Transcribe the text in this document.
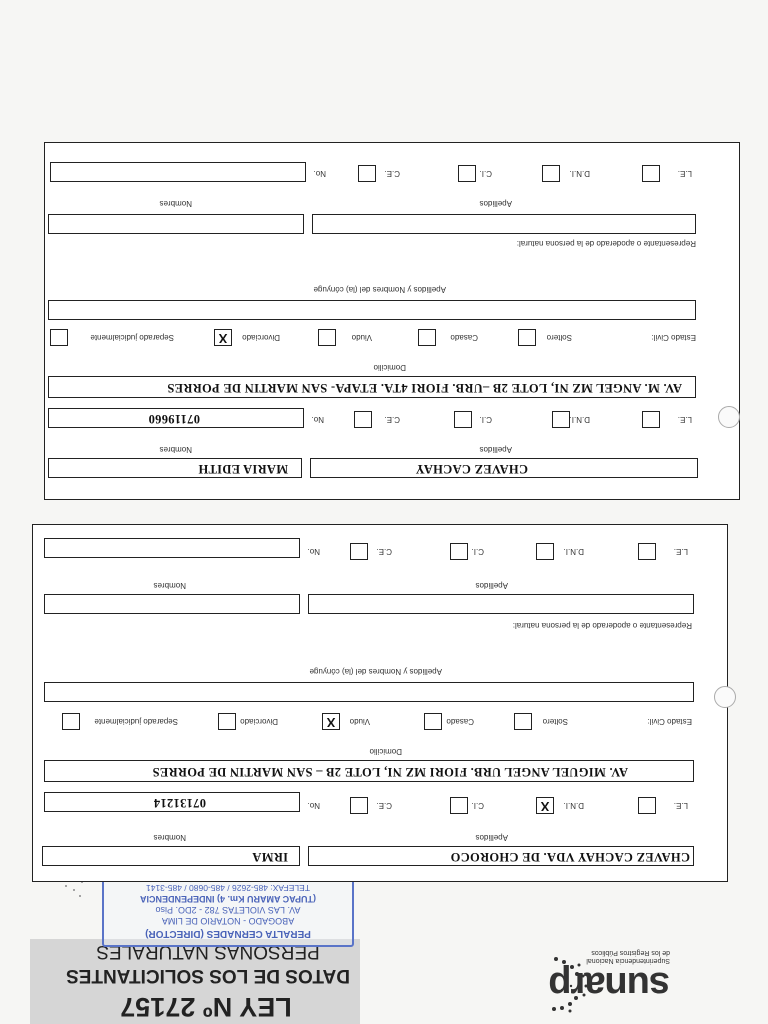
LEY Nº 27157
DATOS DE LOS SOLICITANTES
PERSONAS NATURALES
sunarp
Superintendencia Nacional
de los Registros Públicos
PERALTA CERNADES (DIRECTOR)
ABOGADO - NOTARIO DE LIMA
AV. LAS VIOLETAS 782 - 2DO. Piso
(TUPAC AMARU Km. 4) INDEPENDENCIA
TELEFAX: 485-2626 / 485-0680 / 485-3141
CHAVEZ CACHAY VDA. DE CHOROCO
IRMA
Apellidos
Nombres
L.E.
D.N.I.
X
C.I.
C.E.
No.
07131214
AV. MIGUEL ANGEL URB. FIORI MZ NI, LOTE 2B – SAN MARTIN DE PORRES
Domicilio
Estado Civil:
Soltero
Casado
Viudo
X
Divorciado
Separado judicialmente
Apellidos y Nombres del (la) cónyuge
Representante o apoderado de la persona natural:
Apellidos
Nombres
L.E.
D.N.I.
C.I.
C.E.
No.
CHAVEZ CACHAY
MARIA EDITH
Apellidos
Nombres
L.E.
D.N.I.
C.I.
C.E.
No.
07119660
AV. M. ANGEL MZ NI, LOTE 2B –URB. FIORI 4TA. ETAPA- SAN MARTIN DE PORRES
Domicilio
Estado Civil:
Soltero
Casado
Viudo
Divorciado
X
Separado judicialmente
Apellidos y Nombres del (la) cónyuge
Representante o apoderado de la persona natural:
Apellidos
Nombres
L.E.
D.N.I.
C.I.
C.E.
No.
